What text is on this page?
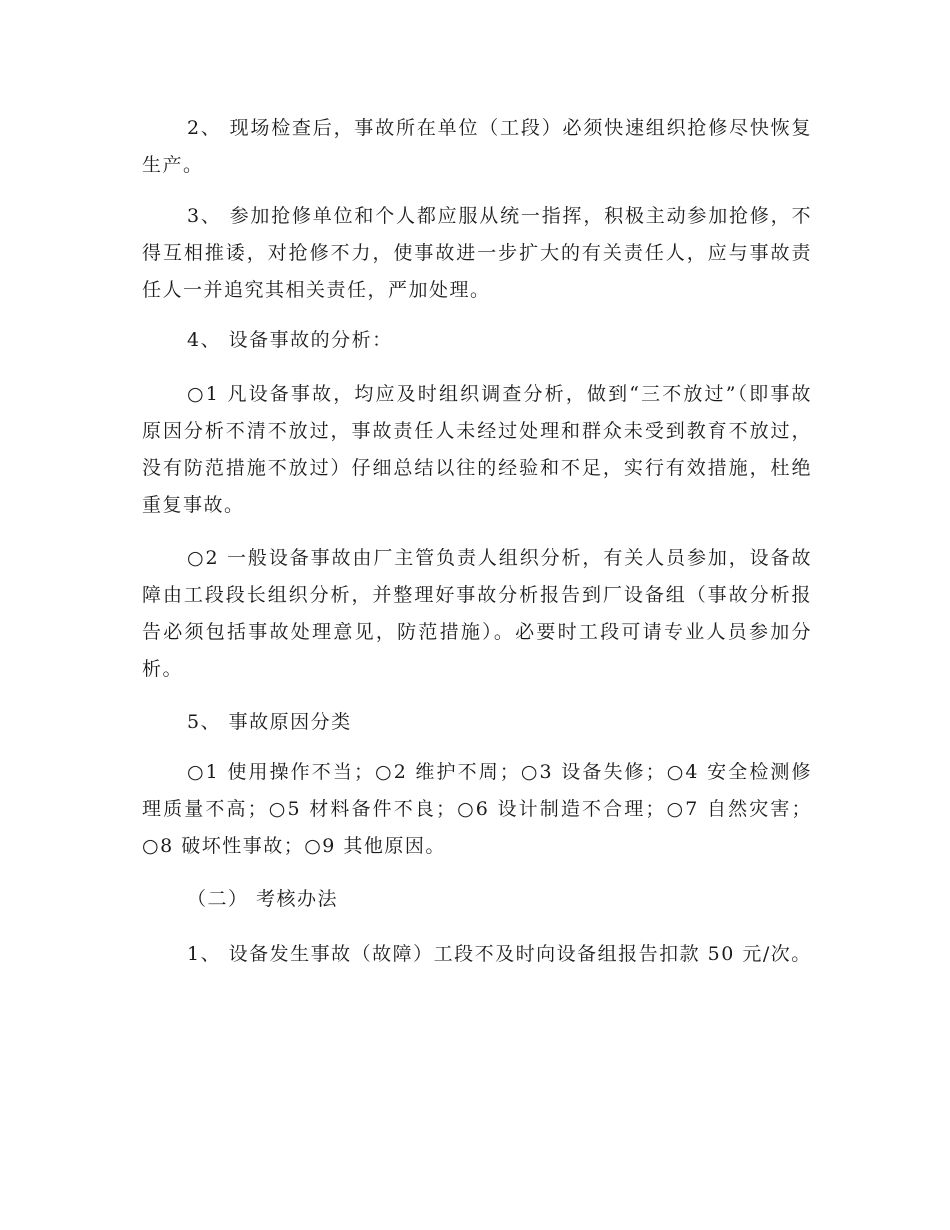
2、 现场检查后，事故所在单位（工段）必须快速组织抢修尽快恢复生产。

3、 参加抢修单位和个人都应服从统一指挥，积极主动参加抢修，不得互相推诿，对抢修不力，使事故进一步扩大的有关责任人，应与事故责任人一并追究其相关责任，严加处理。

4、 设备事故的分析：

○1 凡设备事故，均应及时组织调查分析，做到“三不放过”（即事故原因分析不清不放过，事故责任人未经过处理和群众未受到教育不放过，没有防范措施不放过）仔细总结以往的经验和不足，实行有效措施，杜绝重复事故。

○2 一般设备事故由厂主管负责人组织分析，有关人员参加，设备故障由工段段长组织分析，并整理好事故分析报告到厂设备组（事故分析报告必须包括事故处理意见，防范措施）。必要时工段可请专业人员参加分析。

5、 事故原因分类

○1 使用操作不当；○2 维护不周；○3 设备失修；○4 安全检测修理质量不高；○5 材料备件不良；○6 设计制造不合理；○7 自然灾害；○8 破坏性事故；○9 其他原因。

（二） 考核办法

1、 设备发生事故（故障）工段不及时向设备组报告扣款 50 元/次。
